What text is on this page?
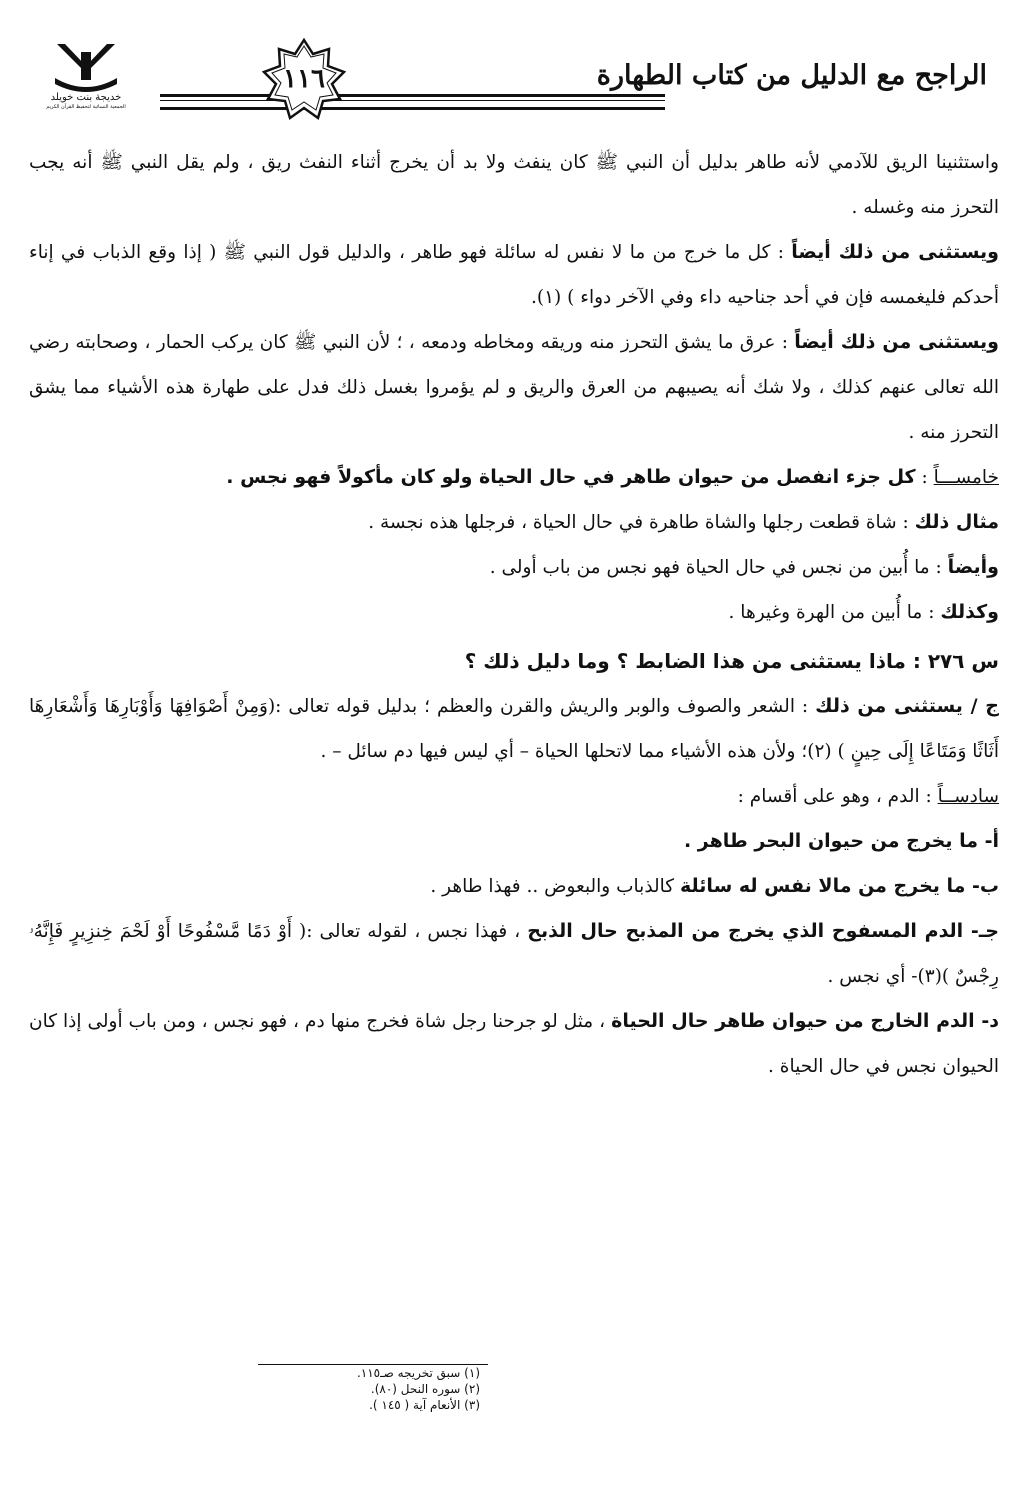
الراجح مع الدليل من كتاب الطهارة
١١٦
خديجة بنت خويلد
الجمعية النسائية لتحفيظ القرآن الكريم

واستثنينا الريق للآدمي لأنه طاهر بدليل أن النبي ﷺ كان ينفث ولا بد أن يخرج أثناء النفث ريق ، ولم يقل النبي ﷺ أنه يجب التحرز منه وغسله .

ويستثنى من ذلك أيضاً : كل ما خرج من ما لا نفس له سائلة فهو طاهر ، والدليل قول النبي ﷺ ( إذا وقع الذباب في إناء أحدكم فليغمسه فإن في أحد جناحيه داء وفي الآخر دواء ) (١).

ويستثنى من ذلك أيضاً : عرق ما يشق التحرز منه وريقه ومخاطه ودمعه ، ؛ لأن النبي ﷺ كان يركب الحمار ، وصحابته رضي الله تعالى عنهم كذلك ، ولا شك أنه يصيبهم من العرق والريق و لم يؤمروا بغسل ذلك فدل على طهارة هذه الأشياء مما يشق التحرز منه .

خامســـاً : كل جزء انفصل من حيوان طاهر في حال الحياة ولو كان مأكولاً فهو نجس .

مثال ذلك : شاة قطعت رجلها والشاة طاهرة في حال الحياة ، فرجلها هذه نجسة .

وأيضاً : ما أُبين من نجس في حال الحياة فهو نجس من باب أولى .

وكذلك : ما أُبين من الهرة وغيرها .

س ٢٧٦ : ماذا يستثنى من هذا الضابط ؟ وما دليل ذلك ؟

ج / يستثنى من ذلك : الشعر والصوف والوبر والريش والقرن والعظم ؛ بدليل قوله تعالى :(وَمِنْ أَصْوَافِهَا وَأَوْبَارِهَا وَأَشْعَارِهَا أَثَاثًا وَمَتَاعًا إِلَى حِينٍ ) (٢)؛ ولأن هذه الأشياء مما لاتحلها الحياة – أي ليس فيها دم سائل – .

سادســاً : الدم ، وهو على أقسام :

أ- ما يخرج من حيوان البحر طاهر .

ب- ما يخرج من مالا نفس له سائلة كالذباب والبعوض .. فهذا طاهر .

جـ- الدم المسفوح الذي يخرج من المذبح حال الذبح ، فهذا نجس ، لقوله تعالى :( أَوْ دَمًا مَّسْفُوحًا أَوْ لَحْمَ خِنزِيرٍ فَإِنَّهُۥ رِجْسٌ )(٣)- أي نجس .

د- الدم الخارج من حيوان طاهر حال الحياة ، مثل لو جرحنا رجل شاة فخرج منها دم ، فهو نجس ، ومن باب أولى إذا كان الحيوان نجس في حال الحياة .

(١) سبق تخريجه صـ١١٥.
(٢) سوره النحل (٨٠).
(٣) الأنعام آية ( ١٤٥ ).
